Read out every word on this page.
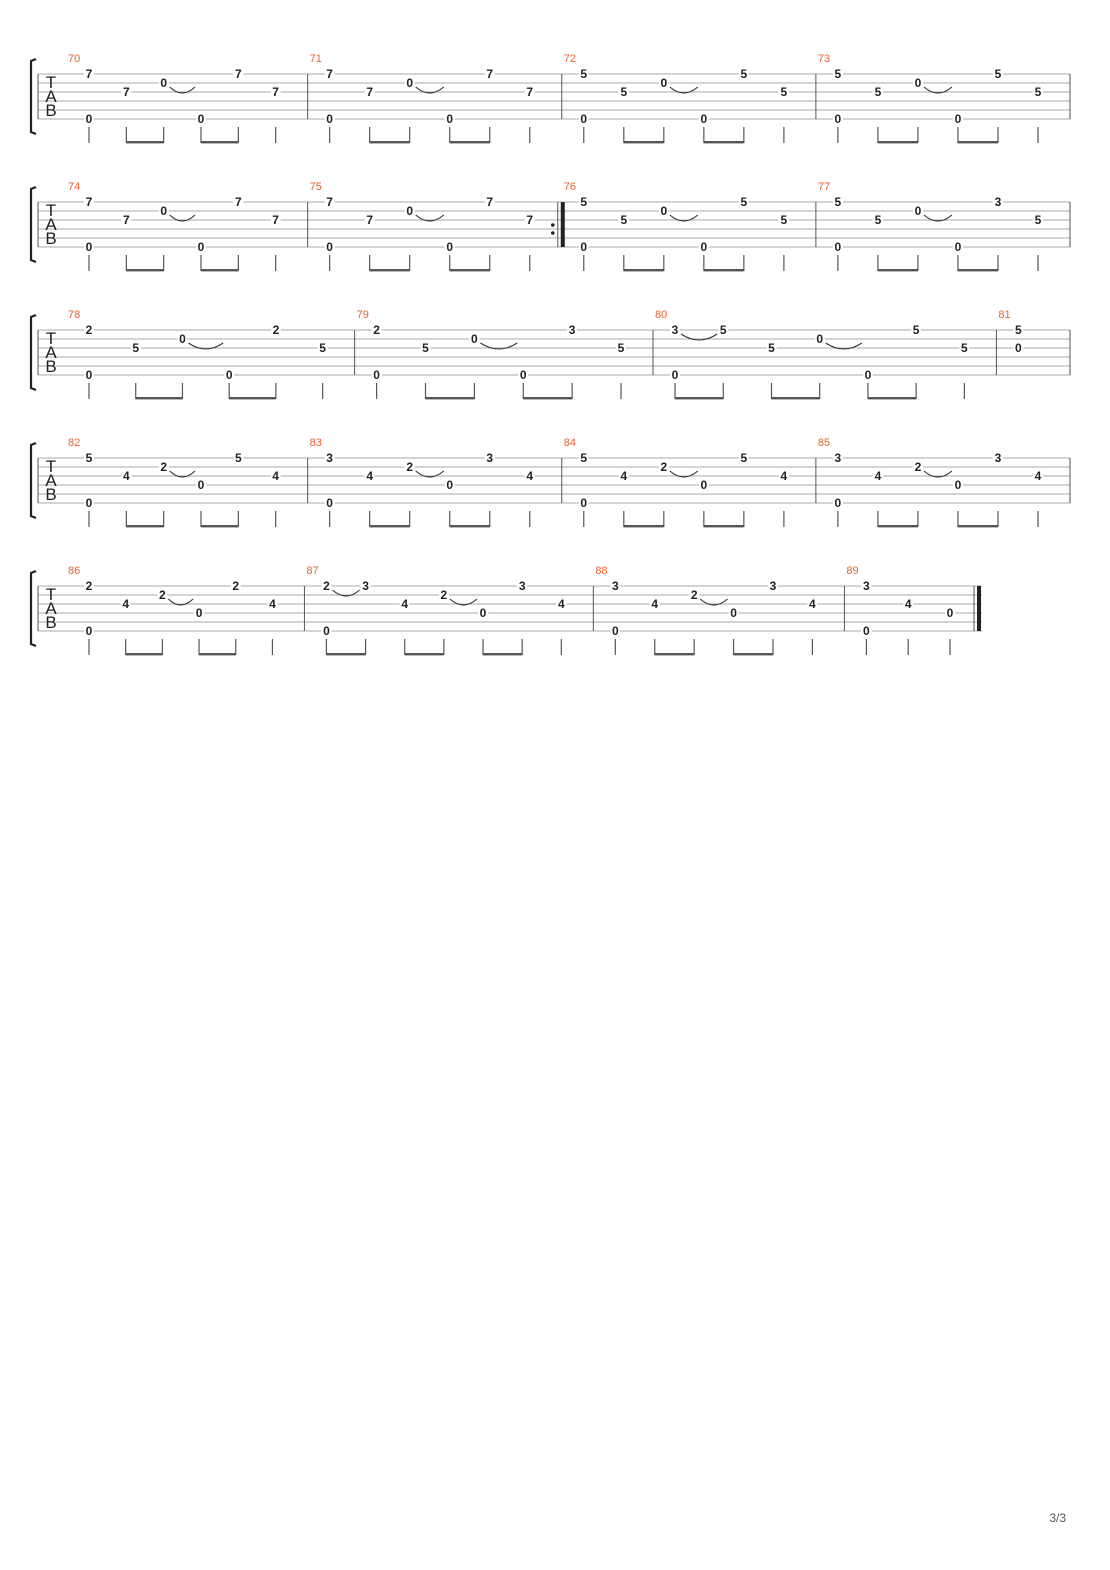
T
A
B
70
7
0
7
0
0
7
7
71
7
0
7
0
0
7
7
72
5
0
5
0
0
5
5
73
5
0
5
0
0
5
5
T
A
B
74
7
0
7
0
0
7
7
75
7
0
7
0
0
7
7
76
5
0
5
0
0
5
5
77
5
0
5
0
0
3
5
T
A
B
78
2
0
5
0
0
2
5
79
2
0
5
0
0
3
5
80
3
0
5
5
0
0
5
5
81
5
0
T
A
B
82
5
0
4
2
0
5
4
83
3
0
4
2
0
3
4
84
5
0
4
2
0
5
4
85
3
0
4
2
0
3
4
T
A
B
86
2
0
4
2
0
2
4
87
2
0
3
4
2
0
3
4
88
3
0
4
2
0
3
4
89
3
0
4
0
3/3
